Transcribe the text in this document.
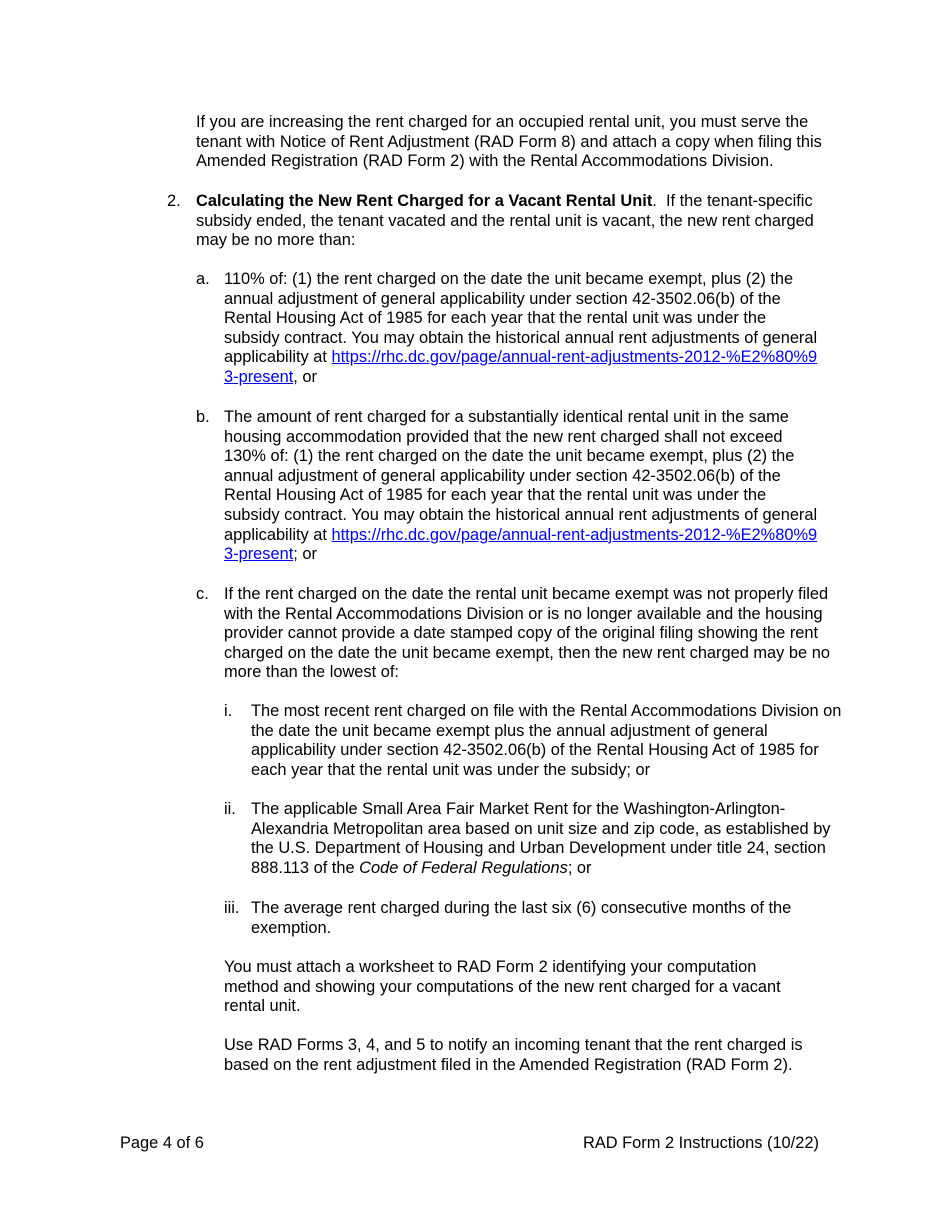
If you are increasing the rent charged for an occupied rental unit, you must serve the tenant with Notice of Rent Adjustment (RAD Form 8) and attach a copy when filing this Amended Registration (RAD Form 2) with the Rental Accommodations Division.

2. Calculating the New Rent Charged for a Vacant Rental Unit. If the tenant-specific subsidy ended, the tenant vacated and the rental unit is vacant, the new rent charged may be no more than:

a. 110% of: (1) the rent charged on the date the unit became exempt, plus (2) the annual adjustment of general applicability under section 42-3502.06(b) of the Rental Housing Act of 1985 for each year that the rental unit was under the subsidy contract. You may obtain the historical annual rent adjustments of general applicability at https://rhc.dc.gov/page/annual-rent-adjustments-2012-%E2%80%93-present, or

b. The amount of rent charged for a substantially identical rental unit in the same housing accommodation provided that the new rent charged shall not exceed 130% of: (1) the rent charged on the date the unit became exempt, plus (2) the annual adjustment of general applicability under section 42-3502.06(b) of the Rental Housing Act of 1985 for each year that the rental unit was under the subsidy contract. You may obtain the historical annual rent adjustments of general applicability at https://rhc.dc.gov/page/annual-rent-adjustments-2012-%E2%80%93-present; or

c. If the rent charged on the date the rental unit became exempt was not properly filed with the Rental Accommodations Division or is no longer available and the housing provider cannot provide a date stamped copy of the original filing showing the rent charged on the date the unit became exempt, then the new rent charged may be no more than the lowest of:

i. The most recent rent charged on file with the Rental Accommodations Division on the date the unit became exempt plus the annual adjustment of general applicability under section 42-3502.06(b) of the Rental Housing Act of 1985 for each year that the rental unit was under the subsidy; or

ii. The applicable Small Area Fair Market Rent for the Washington-Arlington-Alexandria Metropolitan area based on unit size and zip code, as established by the U.S. Department of Housing and Urban Development under title 24, section 888.113 of the Code of Federal Regulations; or

iii. The average rent charged during the last six (6) consecutive months of the exemption.

You must attach a worksheet to RAD Form 2 identifying your computation method and showing your computations of the new rent charged for a vacant rental unit.

Use RAD Forms 3, 4, and 5 to notify an incoming tenant that the rent charged is based on the rent adjustment filed in the Amended Registration (RAD Form 2).

Page 4 of 6	RAD Form 2 Instructions (10/22)
